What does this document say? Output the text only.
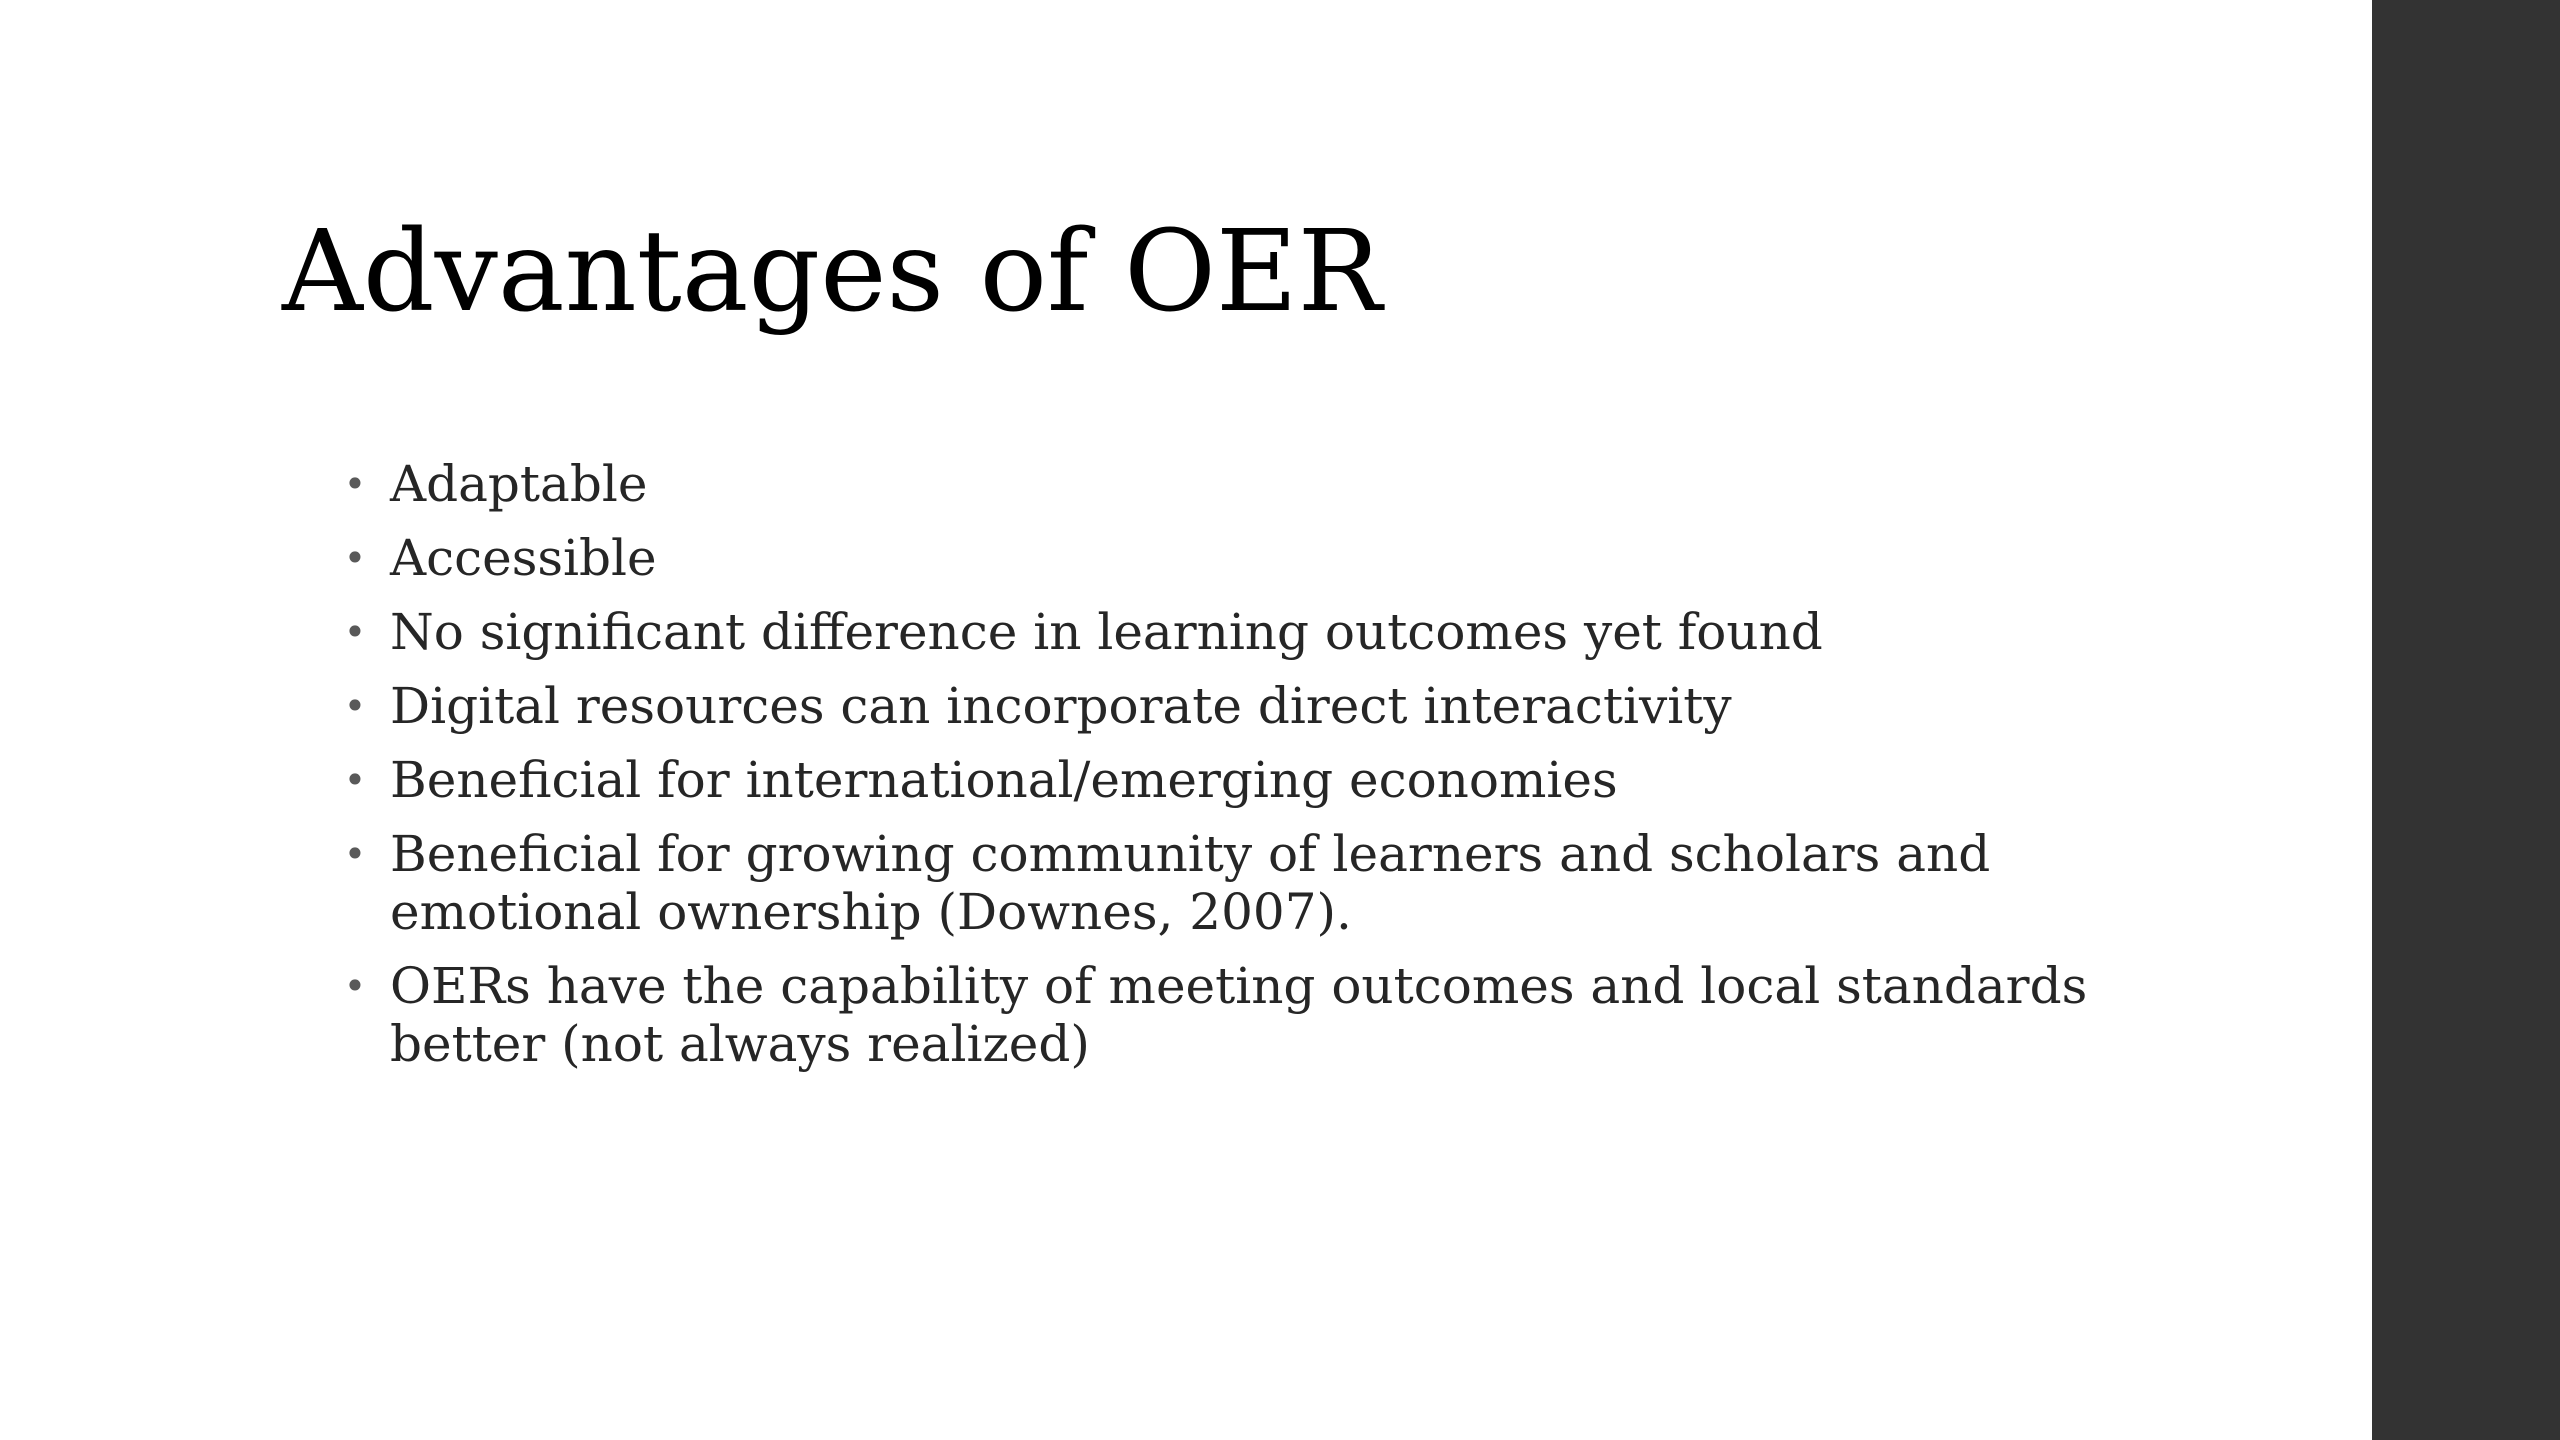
Advantages of OER
• Adaptable
• Accessible
• No significant difference in learning outcomes yet found
• Digital resources can incorporate direct interactivity
• Beneficial for international/emerging economies
• Beneficial for growing community of learners and scholars and emotional ownership (Downes, 2007).
• OERs have the capability of meeting outcomes and local standards better (not always realized)
